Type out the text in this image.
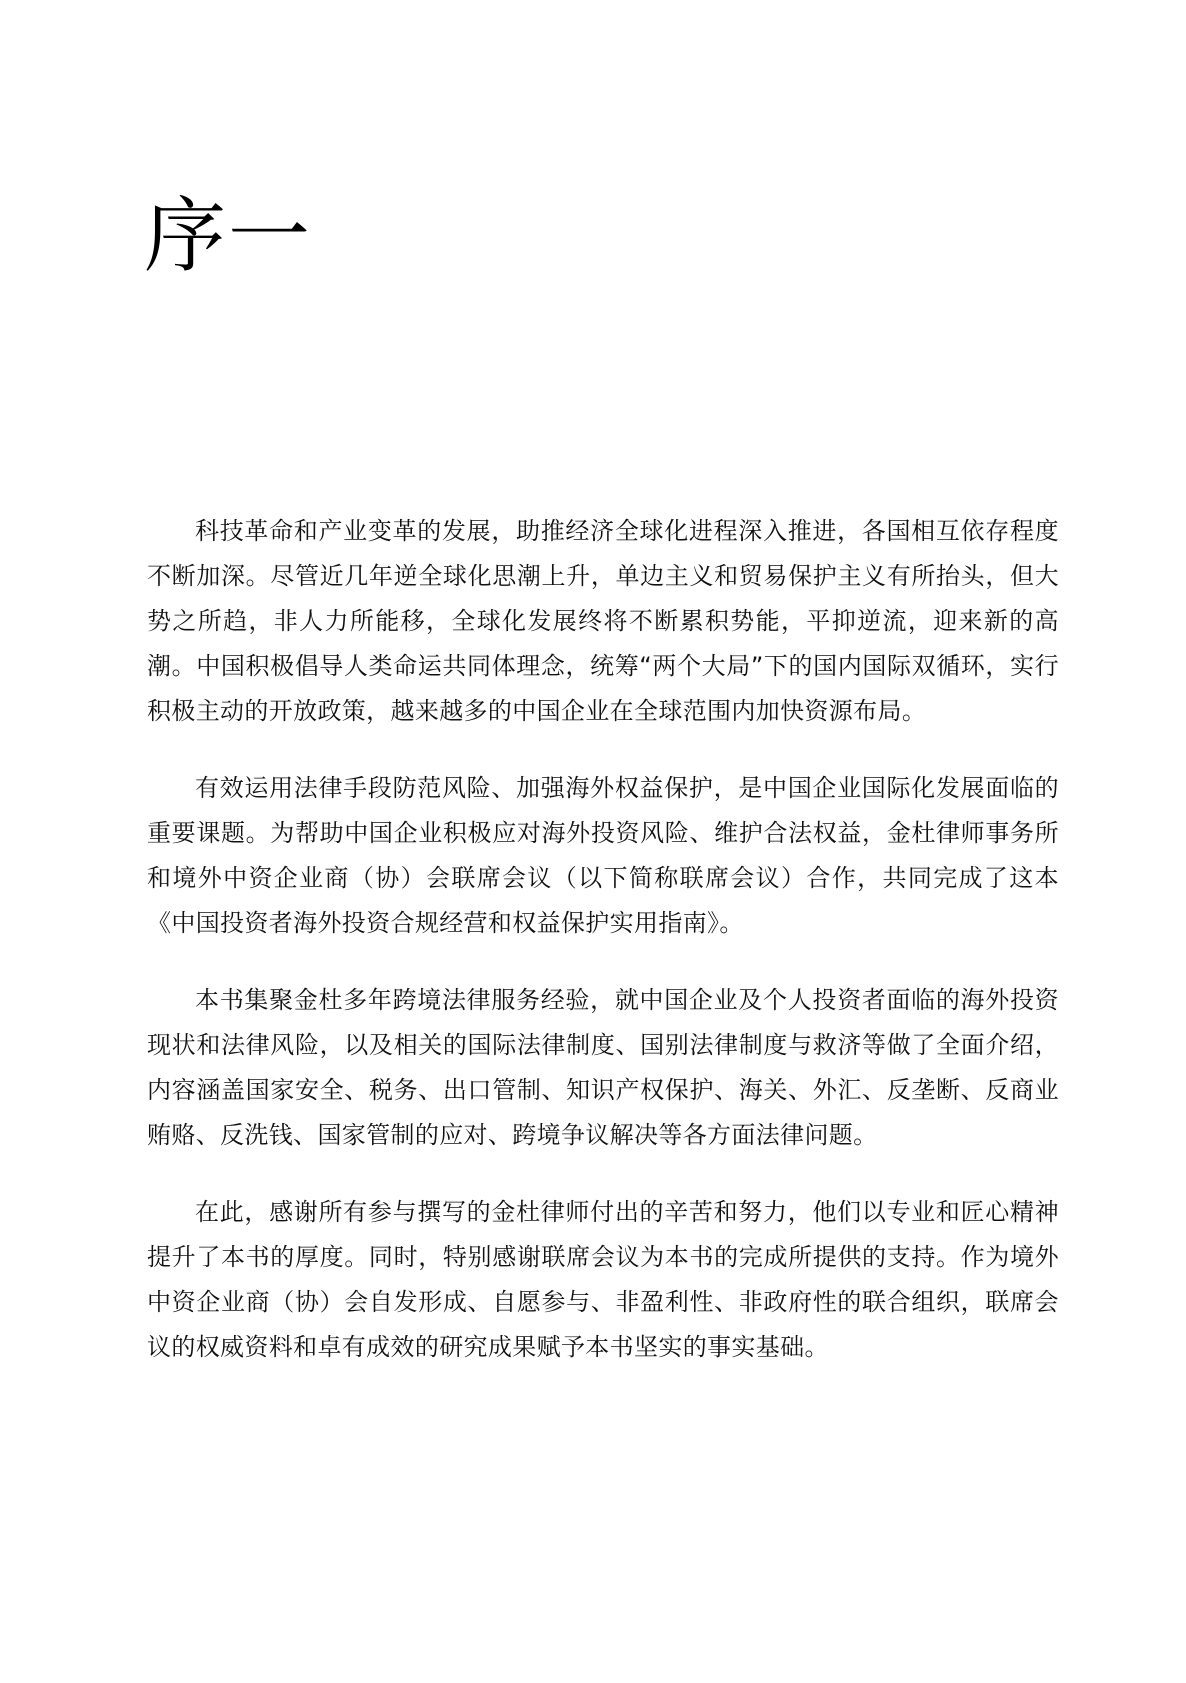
序一

科技革命和产业变革的发展，助推经济全球化进程深入推进，各国相互依存程度不断加深。尽管近几年逆全球化思潮上升，单边主义和贸易保护主义有所抬头，但大势之所趋，非人力所能移，全球化发展终将不断累积势能，平抑逆流，迎来新的高潮。中国积极倡导人类命运共同体理念，统筹“两个大局”下的国内国际双循环，实行积极主动的开放政策，越来越多的中国企业在全球范围内加快资源布局。

有效运用法律手段防范风险、加强海外权益保护，是中国企业国际化发展面临的重要课题。为帮助中国企业积极应对海外投资风险、维护合法权益，金杜律师事务所和境外中资企业商（协）会联席会议（以下简称联席会议）合作，共同完成了这本《中国投资者海外投资合规经营和权益保护实用指南》。

本书集聚金杜多年跨境法律服务经验，就中国企业及个人投资者面临的海外投资现状和法律风险，以及相关的国际法律制度、国别法律制度与救济等做了全面介绍，内容涵盖国家安全、税务、出口管制、知识产权保护、海关、外汇、反垄断、反商业贿赂、反洗钱、国家管制的应对、跨境争议解决等各方面法律问题。

在此，感谢所有参与撰写的金杜律师付出的辛苦和努力，他们以专业和匠心精神提升了本书的厚度。同时，特别感谢联席会议为本书的完成所提供的支持。作为境外中资企业商（协）会自发形成、自愿参与、非盈利性、非政府性的联合组织，联席会议的权威资料和卓有成效的研究成果赋予本书坚实的事实基础。
